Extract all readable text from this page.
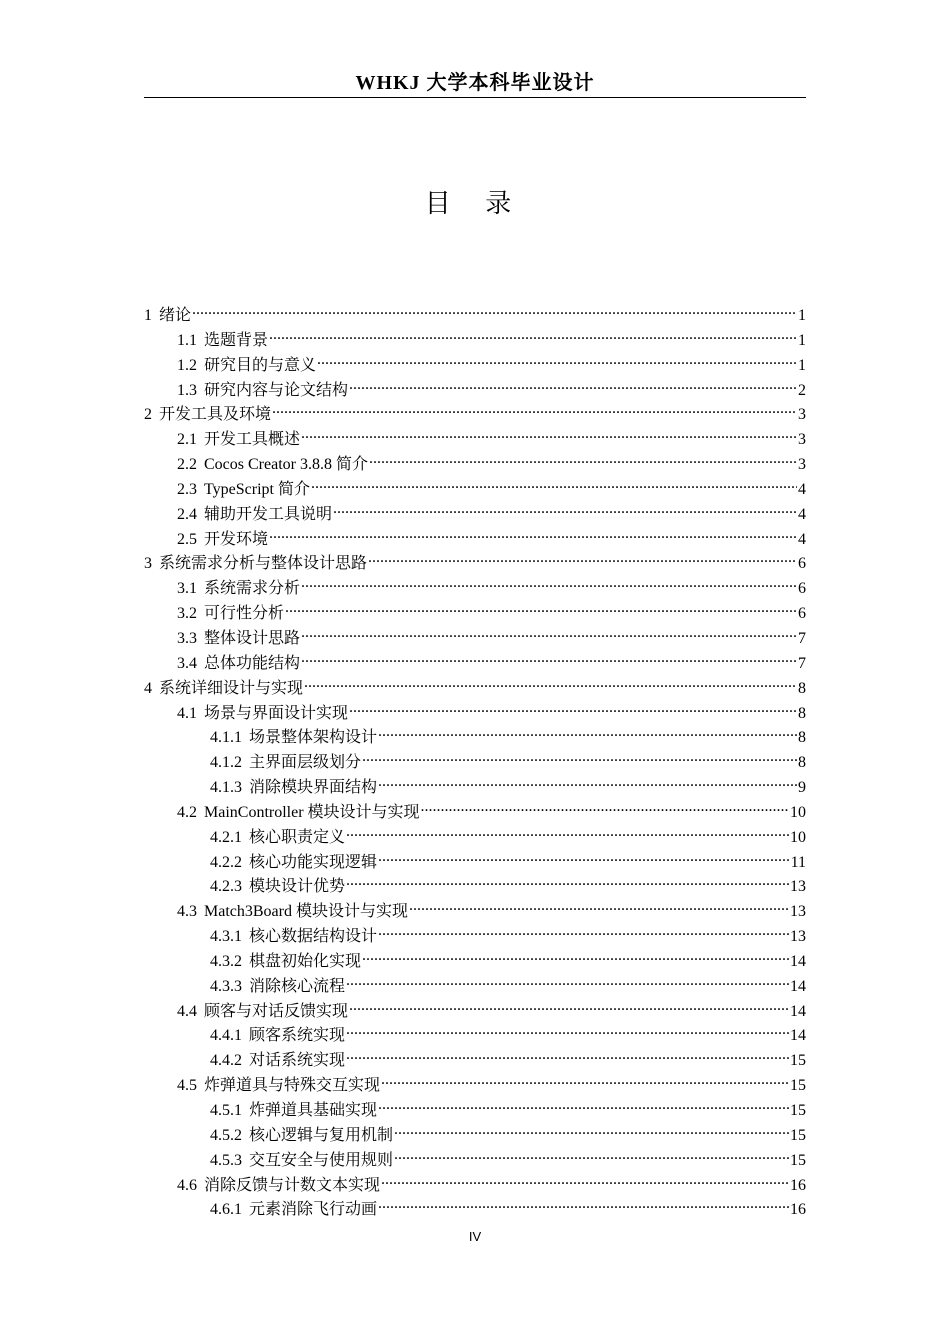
WHKJ 大学本科毕业设计
目 录
1 绪论 .....	1
1.1 选题背景 .....	1
1.2 研究目的与意义 .....	1
1.3 研究内容与论文结构 .....	2
2 开发工具及环境 .....	3
2.1 开发工具概述 .....	3
2.2 Cocos Creator 3.8.8 简介 .....	3
2.3 TypeScript 简介 .....	4
2.4 辅助开发工具说明 .....	4
2.5 开发环境 .....	4
3 系统需求分析与整体设计思路 .....	6
3.1 系统需求分析 .....	6
3.2 可行性分析 .....	6
3.3 整体设计思路 .....	7
3.4 总体功能结构 .....	7
4 系统详细设计与实现 .....	8
4.1 场景与界面设计实现 .....	8
4.1.1 场景整体架构设计 .....	8
4.1.2 主界面层级划分 .....	8
4.1.3 消除模块界面结构 .....	9
4.2 MainController 模块设计与实现 .....	10
4.2.1 核心职责定义 .....	10
4.2.2 核心功能实现逻辑 .....	11
4.2.3 模块设计优势 .....	13
4.3 Match3Board 模块设计与实现 .....	13
4.3.1 核心数据结构设计 .....	13
4.3.2 棋盘初始化实现 .....	14
4.3.3 消除核心流程 .....	14
4.4 顾客与对话反馈实现 .....	14
4.4.1 顾客系统实现 .....	14
4.4.2 对话系统实现 .....	15
4.5 炸弹道具与特殊交互实现 .....	15
4.5.1 炸弹道具基础实现 .....	15
4.5.2 核心逻辑与复用机制 .....	15
4.5.3 交互安全与使用规则 .....	15
4.6 消除反馈与计数文本实现 .....	16
4.6.1 元素消除飞行动画 .....	16
IV
